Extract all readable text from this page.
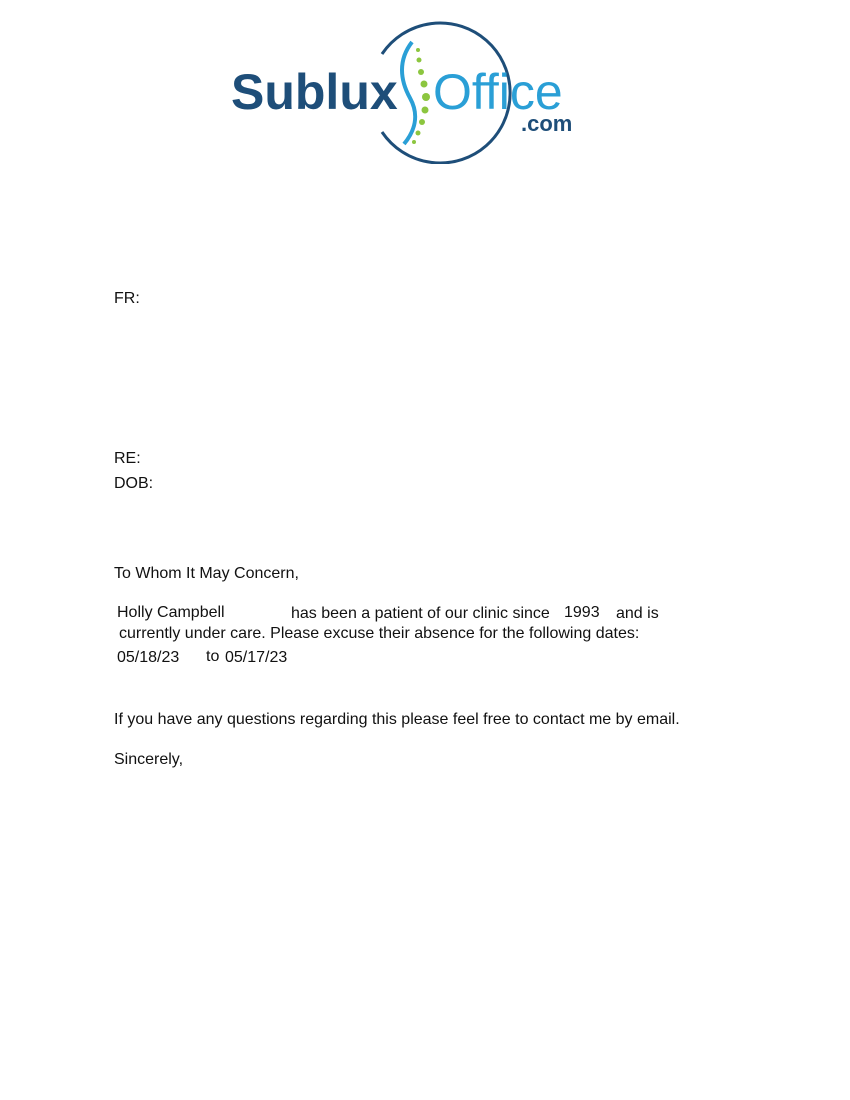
Sublux Office
.com
FR:
RE:
DOB:
To Whom It May Concern,
Holly Campbell	has been a patient of our clinic since 1993 and is
currently under care. Please excuse their absence for the following dates:
05/18/23 to 05/17/23
If you have any questions regarding this please feel free to contact me by email.
Sincerely,
